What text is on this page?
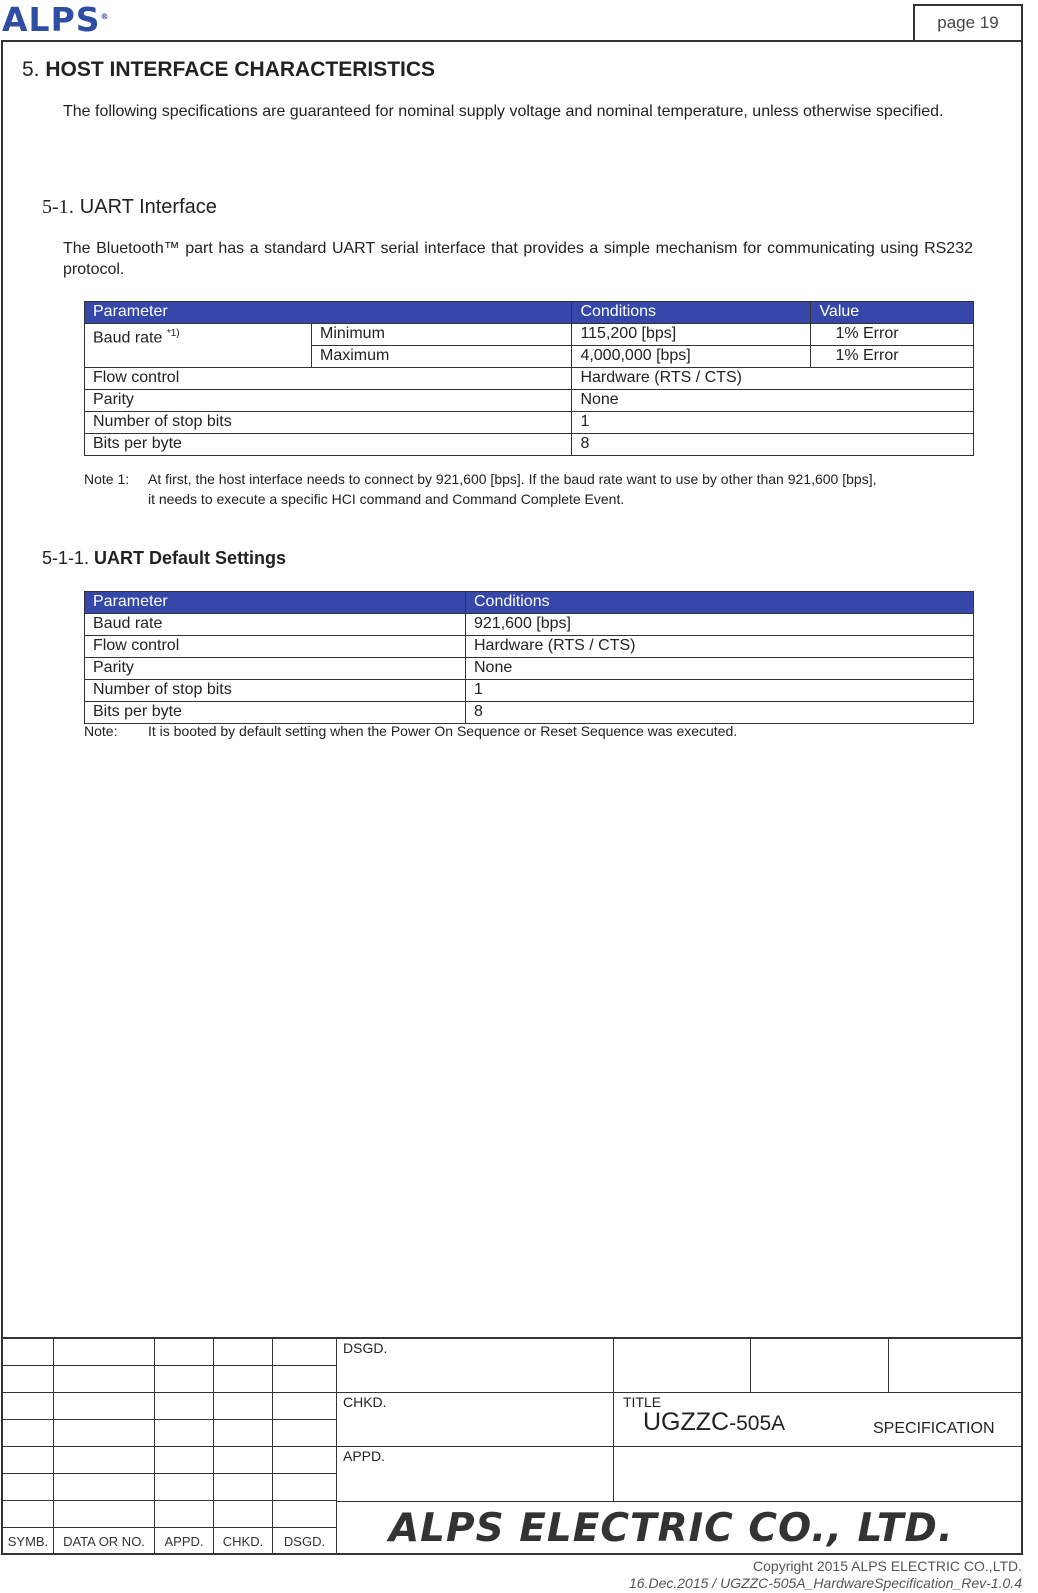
ALPS®	page 19
5. HOST INTERFACE CHARACTERISTICS
The following specifications are guaranteed for nominal supply voltage and nominal temperature, unless otherwise specified.
5-1. UART Interface
The Bluetooth™ part has a standard UART serial interface that provides a simple mechanism for communicating using RS232 protocol.
Parameter		Conditions	Value
Baud rate $^{*1)}$	Minimum	115,200 [bps]	1% Error
	Maximum	4,000,000 [bps]	1% Error
Flow control		Hardware (RTS / CTS)	
Parity		None	
Number of stop bits		1	
Bits per byte		8	
Note 1: At first, the host interface needs to connect by 921,600 [bps]. If the baud rate want to use by other than 921,600 [bps],
it needs to execute a specific HCI command and Command Complete Event.
5-1-1. UART Default Settings
Parameter	Conditions
Baud rate	921,600 [bps]
Flow control	Hardware (RTS / CTS)
Parity	None
Number of stop bits	1
Bits per byte	8
Note: It is booted by default setting when the Power On Sequence or Reset Sequence was executed.

SYMB.	DATA OR NO.	APPD.	CHKD.	DSGD.
DSGD.
CHKD.
APPD.
TITLE
UGZZC-505A	SPECIFICATION
ALPS ELECTRIC CO., LTD.
Copyright 2015 ALPS ELECTRIC CO.,LTD.
16.Dec.2015 / UGZZC-505A_HardwareSpecification_Rev-1.0.4
